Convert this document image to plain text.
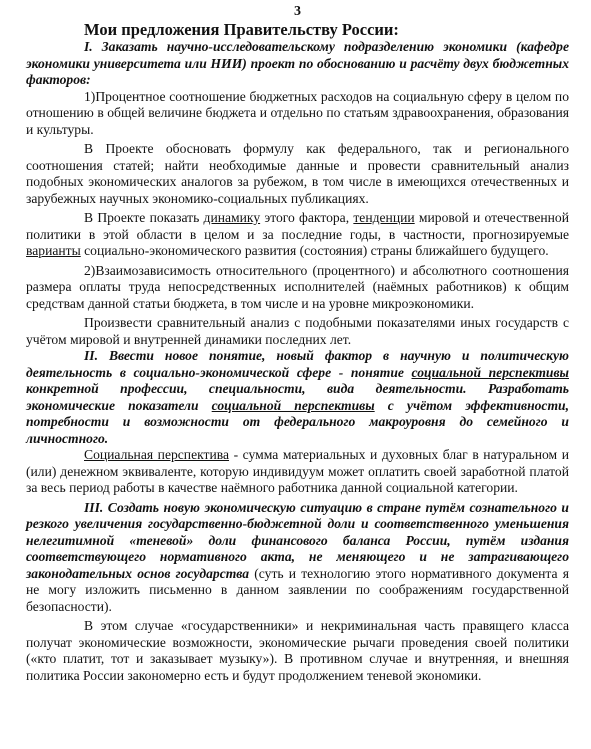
3
Мои предложения Правительству России:

I. Заказать научно-исследовательскому подразделению экономики (кафедре экономики университета или НИИ) проект по обоснованию и расчёту двух бюджетных факторов:

1)Процентное соотношение бюджетных расходов на социальную сферу в целом по отношению в общей величине бюджета и отдельно по статьям здравоохранения, образования и культуры.

В Проекте обосновать формулу как федерального, так и регионального соотношения статей; найти необходимые данные и провести сравнительный анализ подобных экономических аналогов за рубежом, в том числе в имеющихся отечественных и зарубежных научных экономико-социальных публикациях.

В Проекте показать динамику этого фактора, тенденции мировой и отечественной политики в этой области в целом и за последние годы, в частности, прогнозируемые варианты социально-экономического развития (состояния) страны ближайшего будущего.

2)Взаимозависимость относительного (процентного) и абсолютного соотношения размера оплаты труда непосредственных исполнителей (наёмных работников) к общим средствам данной статьи бюджета, в том числе и на уровне микроэкономики.

Произвести сравнительный анализ с подобными показателями иных государств с учётом мировой и внутренней динамики последних лет.

II. Ввести новое понятие, новый фактор в научную и политическую деятельность в социально-экономической сфере - понятие социальной перспективы конкретной профессии, специальности, вида деятельности. Разработать экономические показатели социальной перспективы с учётом эффективности, потребности и возможности от федерального макроуровня до семейного и личностного.

Социальная перспектива - сумма материальных и духовных благ в натуральном и (или) денежном эквиваленте, которую индивидуум может оплатить своей заработной платой за весь период работы в качестве наёмного работника данной социальной категории.

III. Создать новую экономическую ситуацию в стране путём сознательного и резкого увеличения государственно-бюджетной доли и соответственного уменьшения нелегитимной «теневой» доли финансового баланса России, путём издания соответствующего нормативного акта, не меняющего и не затрагивающего законодательных основ государства (суть и технологию этого нормативного документа я не могу изложить письменно в данном заявлении по соображениям государственной безопасности).

В этом случае «государственники» и некриминальная часть правящего класса получат экономические возможности, экономические рычаги проведения своей политики («кто платит, тот и заказывает музыку»). В противном случае и внутренняя, и внешняя политика России закономерно есть и будут продолжением теневой экономики.
